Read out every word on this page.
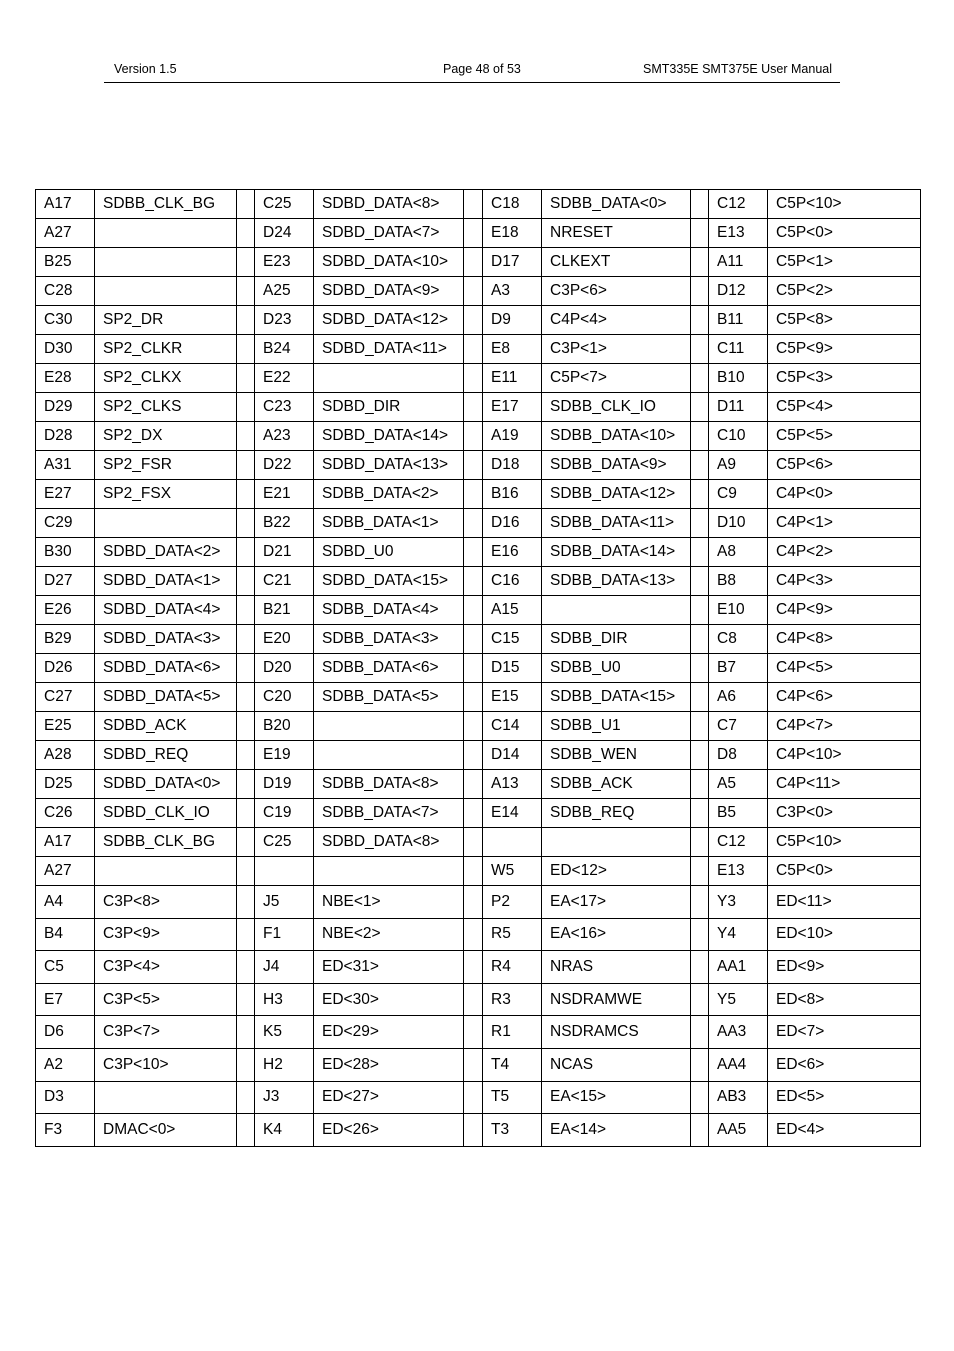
Version 1.5	Page 48 of 53	SMT335E SMT375E User Manual
A17	SDBB_CLK_BG		C25	SDBD_DATA<8>		C18	SDBB_DATA<0>		C12	C5P<10>
A27			D24	SDBD_DATA<7>		E18	NRESET		E13	C5P<0>
B25			E23	SDBD_DATA<10>		D17	CLKEXT		A11	C5P<1>
C28			A25	SDBD_DATA<9>		A3	C3P<6>		D12	C5P<2>
C30	SP2_DR		D23	SDBD_DATA<12>		D9	C4P<4>		B11	C5P<8>
D30	SP2_CLKR		B24	SDBD_DATA<11>		E8	C3P<1>		C11	C5P<9>
E28	SP2_CLKX		E22			E11	C5P<7>		B10	C5P<3>
D29	SP2_CLKS		C23	SDBD_DIR		E17	SDBB_CLK_IO		D11	C5P<4>
D28	SP2_DX		A23	SDBD_DATA<14>		A19	SDBB_DATA<10>		C10	C5P<5>
A31	SP2_FSR		D22	SDBD_DATA<13>		D18	SDBB_DATA<9>		A9	C5P<6>
E27	SP2_FSX		E21	SDBB_DATA<2>		B16	SDBB_DATA<12>		C9	C4P<0>
C29			B22	SDBB_DATA<1>		D16	SDBB_DATA<11>		D10	C4P<1>
B30	SDBD_DATA<2>		D21	SDBD_U0		E16	SDBB_DATA<14>		A8	C4P<2>
D27	SDBD_DATA<1>		C21	SDBD_DATA<15>		C16	SDBB_DATA<13>		B8	C4P<3>
E26	SDBD_DATA<4>		B21	SDBB_DATA<4>		A15			E10	C4P<9>
B29	SDBD_DATA<3>		E20	SDBB_DATA<3>		C15	SDBB_DIR		C8	C4P<8>
D26	SDBD_DATA<6>		D20	SDBB_DATA<6>		D15	SDBB_U0		B7	C4P<5>
C27	SDBD_DATA<5>		C20	SDBB_DATA<5>		E15	SDBB_DATA<15>		A6	C4P<6>
E25	SDBD_ACK		B20			C14	SDBB_U1		C7	C4P<7>
A28	SDBD_REQ		E19			D14	SDBB_WEN		D8	C4P<10>
D25	SDBD_DATA<0>		D19	SDBB_DATA<8>		A13	SDBB_ACK		A5	C4P<11>
C26	SDBD_CLK_IO		C19	SDBB_DATA<7>		E14	SDBB_REQ		B5	C3P<0>
A17	SDBB_CLK_BG		C25	SDBD_DATA<8>					C12	C5P<10>
A27						W5	ED<12>		E13	C5P<0>
A4	C3P<8>		J5	NBE<1>		P2	EA<17>		Y3	ED<11>
B4	C3P<9>		F1	NBE<2>		R5	EA<16>		Y4	ED<10>
C5	C3P<4>		J4	ED<31>		R4	NRAS		AA1	ED<9>
E7	C3P<5>		H3	ED<30>		R3	NSDRAMWE		Y5	ED<8>
D6	C3P<7>		K5	ED<29>		R1	NSDRAMCS		AA3	ED<7>
A2	C3P<10>		H2	ED<28>		T4	NCAS		AA4	ED<6>
D3			J3	ED<27>		T5	EA<15>		AB3	ED<5>
F3	DMAC<0>		K4	ED<26>		T3	EA<14>		AA5	ED<4>
